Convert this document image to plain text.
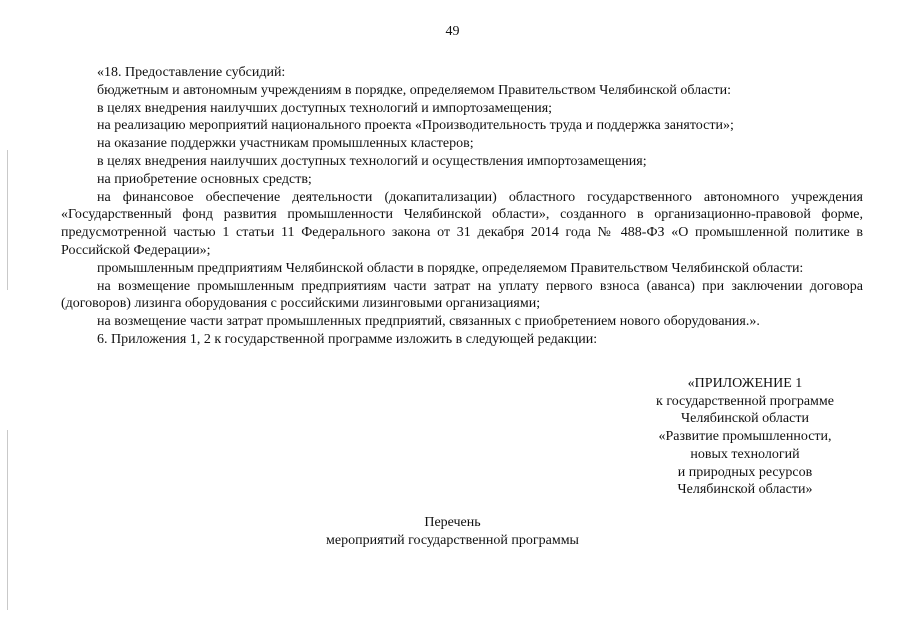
49

«18. Предоставление субсидий:

бюджетным и автономным учреждениям в порядке, определяемом Правительством Челябинской области:

в целях внедрения наилучших доступных технологий и импортозамещения;

на реализацию мероприятий национального проекта «Производительность труда и поддержка занятости»;

на оказание поддержки участникам промышленных кластеров;

в целях внедрения наилучших доступных технологий и осуществления импортозамещения;

на приобретение основных средств;

на финансовое обеспечение деятельности (докапитализации) областного государственного автономного учреждения «Государственный фонд развития промышленности Челябинской области», созданного в организационно-правовой форме, предусмотренной частью 1 статьи 11 Федерального закона от 31 декабря 2014 года № 488-ФЗ «О промышленной политике в Российской Федерации»;

промышленным предприятиям Челябинской области в порядке, определяемом Правительством Челябинской области:

на возмещение промышленным предприятиям части затрат на уплату первого взноса (аванса) при заключении договора (договоров) лизинга оборудования с российскими лизинговыми организациями;

на возмещение части затрат промышленных предприятий, связанных с приобретением нового оборудования.».

6. Приложения 1, 2 к государственной программе изложить в следующей редакции:

«ПРИЛОЖЕНИЕ 1
к государственной программе
Челябинской области
«Развитие промышленности,
новых технологий
и природных ресурсов
Челябинской области»
Перечень
мероприятий государственной программы
